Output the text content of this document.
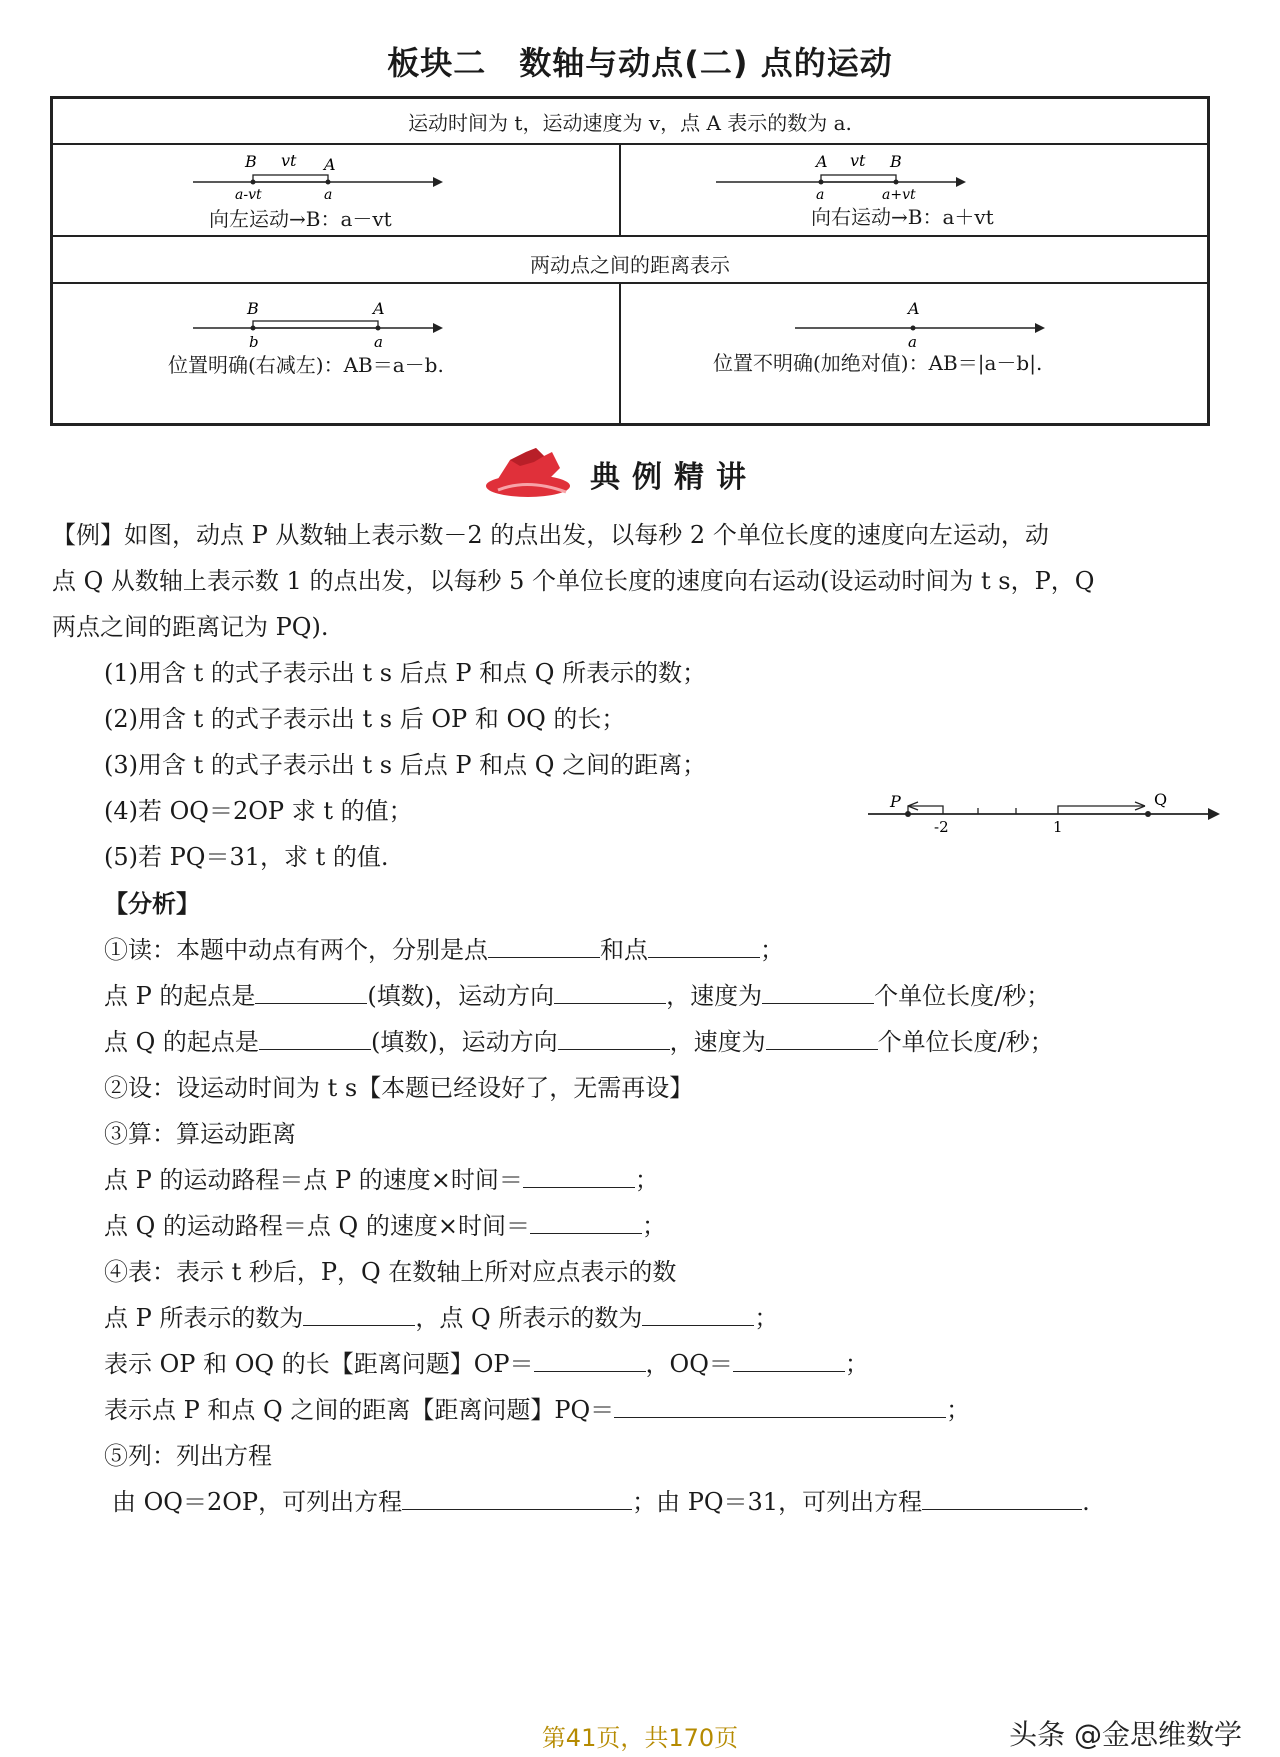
板块二　数轴与动点(二) 点的运动
运动时间为 t，运动速度为 v，点 A 表示的数为 a.
B vt A
a-vt	a
向左运动→B：a－vt
A vt B
a	a+vt
向右运动→B：a＋vt
两动点之间的距离表示
B	A
b	a
位置明确(右减左)：AB＝a－b.
A
a
位置不明确(加绝对值)：AB＝|a－b|.
典例精讲
【例】如图，动点 P 从数轴上表示数－2 的点出发，以每秒 2 个单位长度的速度向左运动，动
点 Q 从数轴上表示数 1 的点出发，以每秒 5 个单位长度的速度向右运动(设运动时间为 t s，P，Q
两点之间的距离记为 PQ).
(1)用含 t 的式子表示出 t s 后点 P 和点 Q 所表示的数；
(2)用含 t 的式子表示出 t s 后 OP 和 OQ 的长；
(3)用含 t 的式子表示出 t s 后点 P 和点 Q 之间的距离；
(4)若 OQ＝2OP 求 t 的值；
(5)若 PQ＝31，求 t 的值.
P	Q
-2	1
【分析】
①读：本题中动点有两个，分别是点	和点	；
点 P 的起点是	(填数)，运动方向	，速度为	个单位长度/秒；
点 Q 的起点是	(填数)，运动方向	，速度为	个单位长度/秒；
②设：设运动时间为 t s【本题已经设好了，无需再设】
③算：算运动距离
点 P 的运动路程＝点 P 的速度×时间＝	；
点 Q 的运动路程＝点 Q 的速度×时间＝	；
④表：表示 t 秒后，P，Q 在数轴上所对应点表示的数
点 P 所表示的数为	，点 Q 所表示的数为	；
表示 OP 和 OQ 的长【距离问题】OP＝	，OQ＝	；
表示点 P 和点 Q 之间的距离【距离问题】PQ＝	；
⑤列：列出方程
由 OQ＝2OP，可列出方程	；由 PQ＝31，可列出方程	.
头条 @金思维数学
第41页，共170页
